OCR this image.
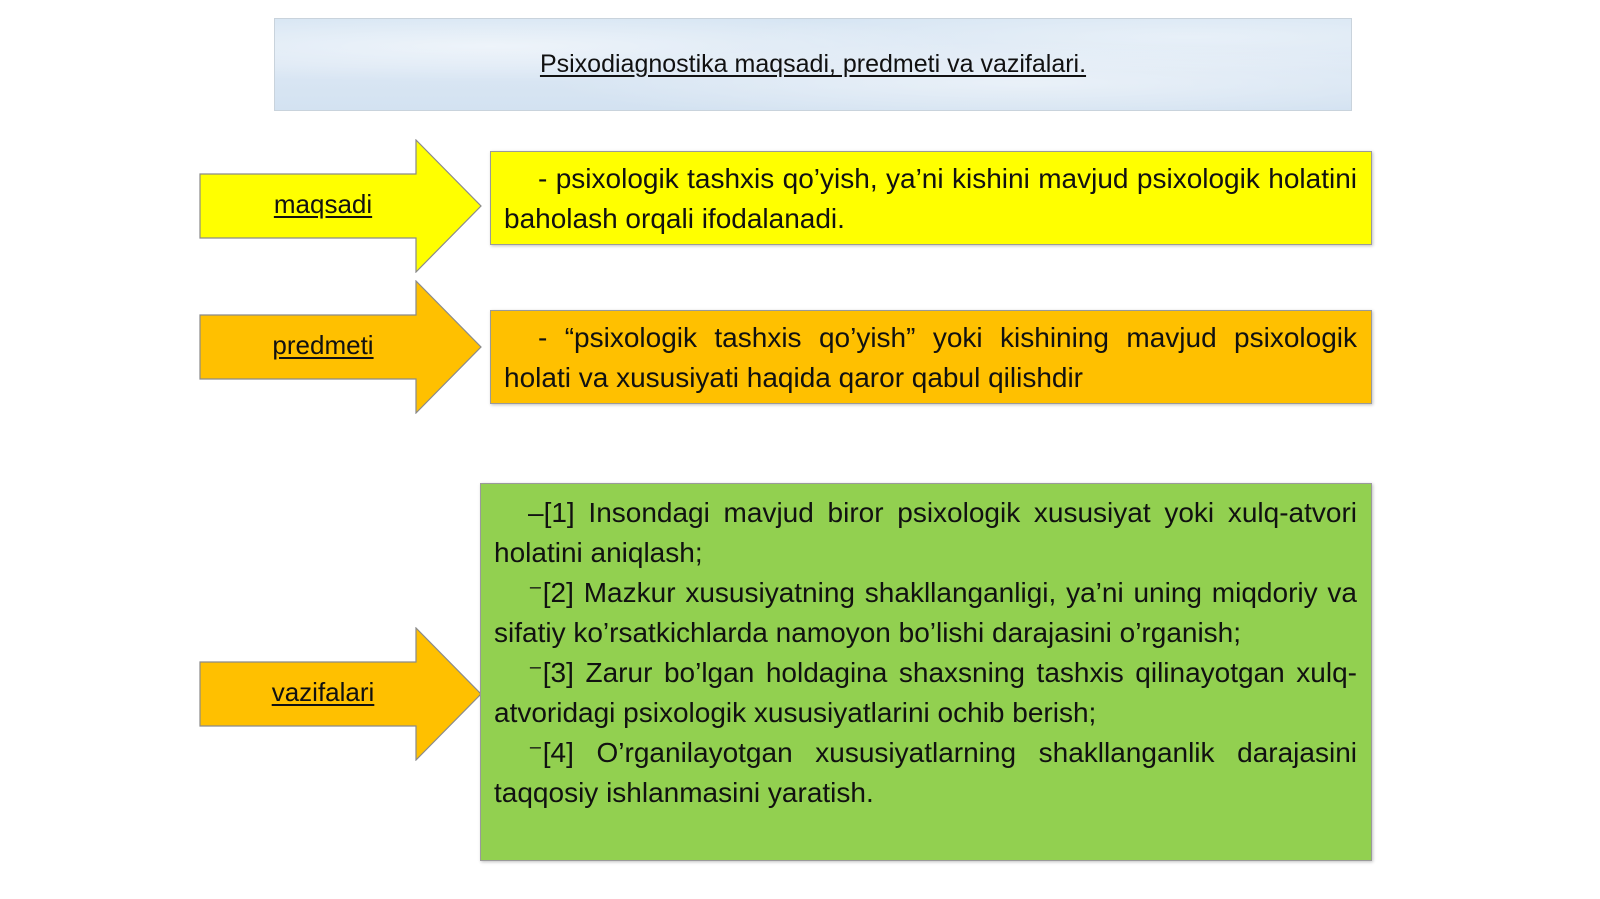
Psixodiagnostika maqsadi, predmeti va vazifalari.
maqsadi
predmeti
vazifalari

- psixologik tashxis qo’yish, ya’ni kishini mavjud psixologik holatini baholash orqali ifodalanadi.

- “psixologik tashxis qo’yish” yoki kishining mavjud psixologik holati va xususiyati haqida qaror qabul qilishdir

–[1] Insondagi mavjud biror psixologik xususiyat yoki xulq-atvori holatini aniqlash;

⁻[2] Mazkur xususiyatning shakllanganligi, ya’ni uning miqdoriy va sifatiy ko’rsatkichlarda namoyon bo’lishi darajasini o’rganish;

⁻[3] Zarur bo’lgan holdagina shaxsning tashxis qilinayotgan xulq-atvoridagi psixologik xususiyatlarini ochib berish;

⁻[4] O’rganilayotgan xususiyatlarning shakllanganlik darajasini taqqosiy ishlanmasini yaratish.
